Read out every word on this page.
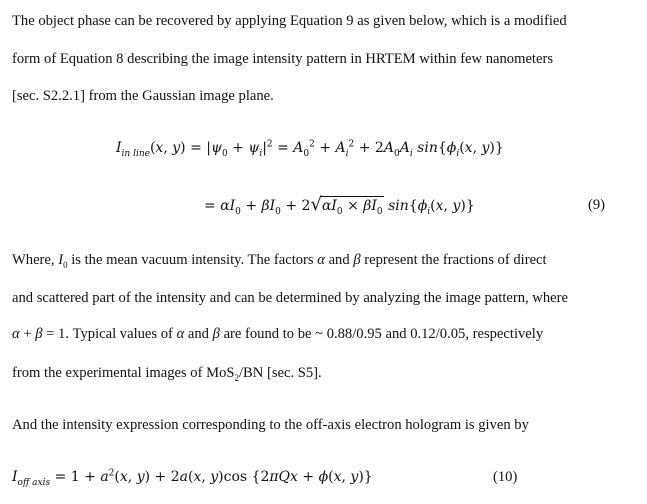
The object phase can be recovered by applying Equation 9 as given below, which is a modified
form of Equation 8 describing the image intensity pattern in HRTEM within few nanometers
[sec. S2.2.1] from the Gaussian image plane.
$I_{in line}(x$, $y) = |\psi_0 + \psi_i|^2 = A_0^2 + A_i^2 + 2A_0A_i$ $\sin\{\phi_i(x$, y)}
= $\alpha I_0 + \beta I_0 + 2√\alpha I_0 \times \beta I_0$ $\sin\{\phi_i(x$, y)}	(9)
Where, $I_0$ is the mean vacuum intensity. The factors α and β represent the fractions of direct
and scattered part of the intensity and can be determined by analyzing the image pattern, where
α + β = 1. Typical values of α and β are found to be ~ 0.88/0.95 and 0.12/0.05, respectively
from the experimental images of MoS$_2$/BN [sec. S5].
And the intensity expression corresponding to the off-axis electron hologram is given by
$I_{off axis} = 1 + a^2(x$, y) + 2a(x, y)cos {2πQx + ϕ(x, y)}	(10)
